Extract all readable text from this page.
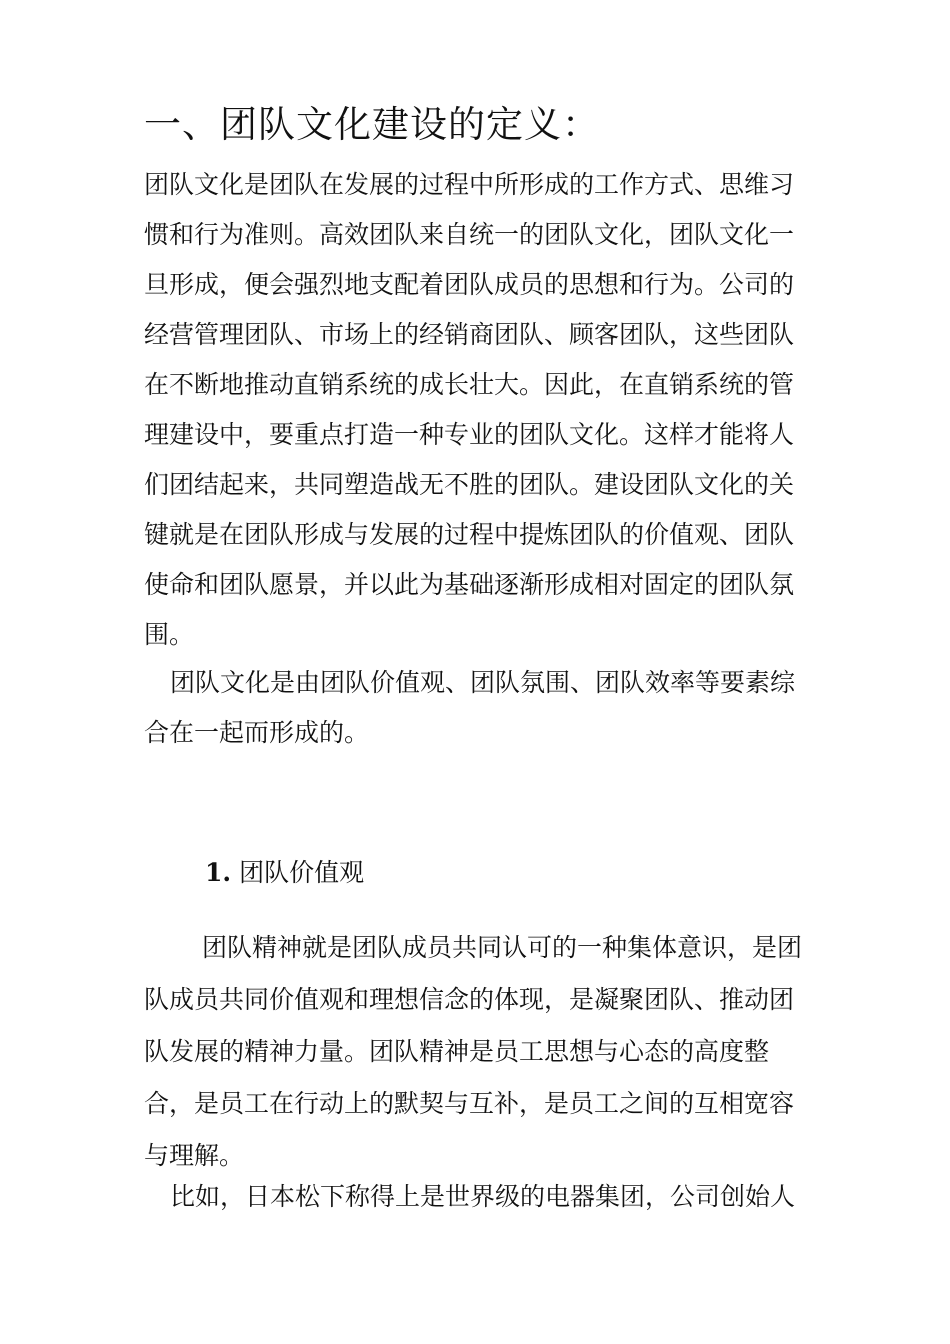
一、团队文化建设的定义：
团队文化是团队在发展的过程中所形成的工作方式、思维习
惯和行为准则。高效团队来自统一的团队文化，团队文化一
旦形成，便会强烈地支配着团队成员的思想和行为。公司的
经营管理团队、市场上的经销商团队、顾客团队，这些团队
在不断地推动直销系统的成长壮大。因此，在直销系统的管
理建设中，要重点打造一种专业的团队文化。这样才能将人
们团结起来，共同塑造战无不胜的团队。建设团队文化的关
键就是在团队形成与发展的过程中提炼团队的价值观、团队
使命和团队愿景，并以此为基础逐渐形成相对固定的团队氛
围。
团队文化是由团队价值观、团队氛围、团队效率等要素综
合在一起而形成的。
1. 团队价值观
团队精神就是团队成员共同认可的一种集体意识，是团
队成员共同价值观和理想信念的体现，是凝聚团队、推动团
队发展的精神力量。团队精神是员工思想与心态的高度整
合，是员工在行动上的默契与互补，是员工之间的互相宽容
与理解。
比如，日本松下称得上是世界级的电器集团，公司创始人
